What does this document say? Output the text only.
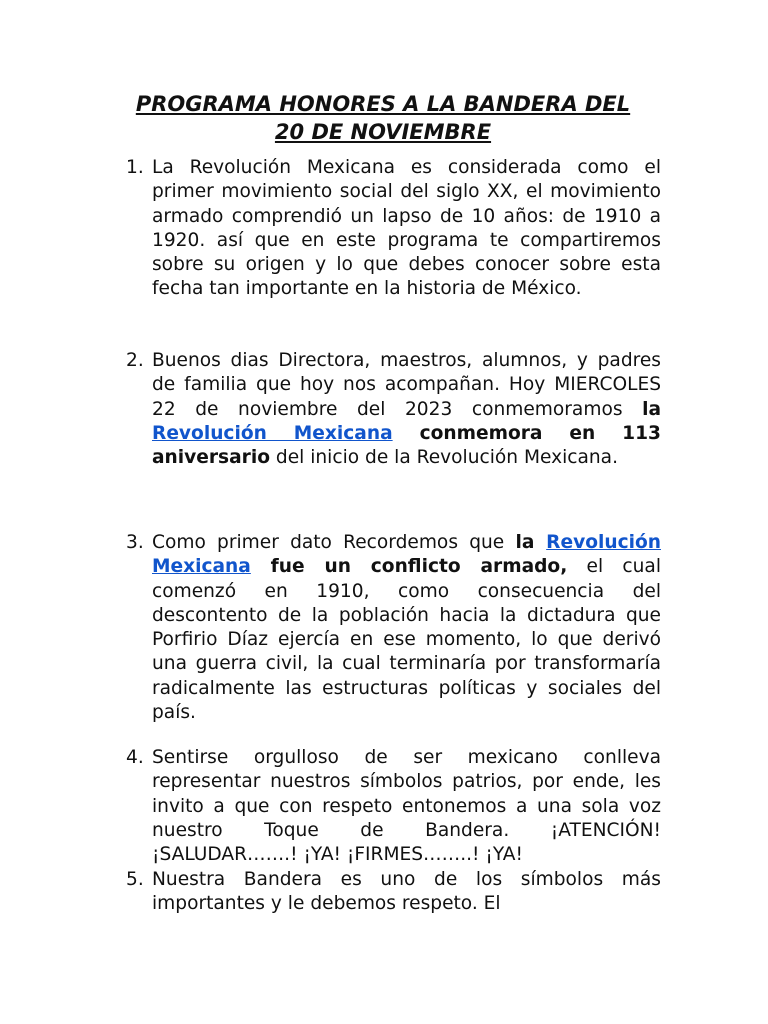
PROGRAMA HONORES A LA BANDERA DEL
20 DE NOVIEMBRE
1. La Revolución Mexicana es considerada como el primer movimiento social del siglo XX, el movimiento armado comprendió un lapso de 10 años: de 1910 a 1920. así que en este programa te compartiremos sobre su origen y lo que debes conocer sobre esta fecha tan importante en la historia de México.
2. Buenos dias Directora, maestros, alumnos, y padres de familia que hoy nos acompañan. Hoy MIERCOLES 22 de noviembre del 2023 conmemoramos la Revolución Mexicana conmemora en 113 aniversario del inicio de la Revolución Mexicana.
3. Como primer dato Recordemos que la Revolución Mexicana fue un conflicto armado, el cual comenzó en 1910, como consecuencia del descontento de la población hacia la dictadura que Porfirio Díaz ejercía en ese momento, lo que derivó una guerra civil, la cual terminaría por transformaría radicalmente las estructuras políticas y sociales del país.
4. Sentirse orgulloso de ser mexicano conlleva representar nuestros símbolos patrios, por ende, les invito a que con respeto entonemos a una sola voz nuestro Toque de Bandera. ¡ATENCIÓN! ¡SALUDAR…….! ¡YA! ¡FIRMES……..! ¡YA!
5. Nuestra Bandera es uno de los símbolos más importantes y le debemos respeto. El
